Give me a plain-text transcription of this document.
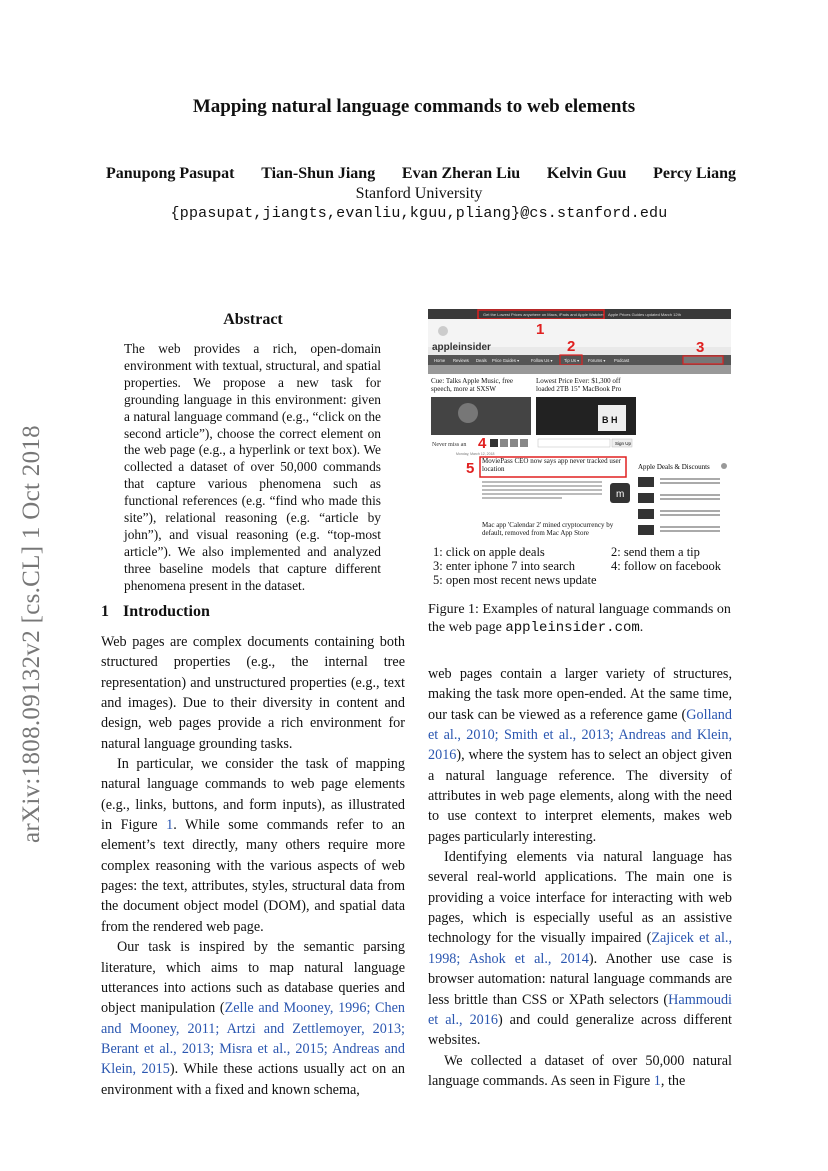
Mapping natural language commands to web elements
Panupong Pasupat Tian-Shun Jiang Evan Zheran Liu Kelvin Guu Percy Liang
Stanford University
{ppasupat,jiangts,evanliu,kguu,pliang}@cs.stanford.edu
arXiv:1808.09132v2 [cs.CL] 1 Oct 2018
Abstract
The web provides a rich, open-domain environment with textual, structural, and spatial properties. We propose a new task for grounding language in this environment: given a natural language command (e.g., “click on the second article”), choose the correct element on the web page (e.g., a hyperlink or text box). We collected a dataset of over 50,000 commands that capture various phenomena such as functional references (e.g. “find who made this site”), relational reasoning (e.g. “article by john”), and visual reasoning (e.g. “top-most article”). We also implemented and analyzed three baseline models that capture different phenomena present in the dataset.
1 Introduction

Web pages are complex documents containing both structured properties (e.g., the internal tree representation) and unstructured properties (e.g., text and images). Due to their diversity in content and design, web pages provide a rich environment for natural language grounding tasks.

In particular, we consider the task of mapping natural language commands to web page elements (e.g., links, buttons, and form inputs), as illustrated in Figure 1. While some commands refer to an element’s text directly, many others require more complex reasoning with the various aspects of web pages: the text, attributes, styles, structural data from the document object model (DOM), and spatial data from the rendered web page.

Our task is inspired by the semantic parsing literature, which aims to map natural language utterances into actions such as database queries and object manipulation (Zelle and Mooney, 1996; Chen and Mooney, 2011; Artzi and Zettlemoyer, 2013; Berant et al., 2013; Misra et al., 2015; Andreas and Klein, 2015). While these actions usually act on an environment with a fixed and known schema,

Get the Lowest Prices anywhere on Macs, iPads and Apple Watches Apple Prices Guides updated March 12th
appleinsider
Home Reviews Deals Price Guides ▾	Follow Us ▾	Tip Us ▾ Forums ▾ Podcast
Cue: Talks Apple Music, free speech, more at SXSW
Lowest Price Ever: $1,300 off loaded 2TB 15" MacBook Pro
B H
Never miss an	Sign Up
Monday, March 12, 2018
MoviePass CEO now says app never tracked user location
m
Apple Deals & Discounts
Mac app 'Calendar 2' mined cryptocurrency by default, removed from Mac App Store
1
2	3
4
5
1: click on apple deals	2: send them a tip
3: enter iphone 7 into search	4: follow on facebook
5: open most recent news update
Figure 1: Examples of natural language commands on the web page appleinsider.com.

web pages contain a larger variety of structures, making the task more open-ended. At the same time, our task can be viewed as a reference game (Golland et al., 2010; Smith et al., 2013; Andreas and Klein, 2016), where the system has to select an object given a natural language reference. The diversity of attributes in web page elements, along with the need to use context to interpret elements, makes web pages particularly interesting.

Identifying elements via natural language has several real-world applications. The main one is providing a voice interface for interacting with web pages, which is especially useful as an assistive technology for the visually impaired (Zajicek et al., 1998; Ashok et al., 2014). Another use case is browser automation: natural language commands are less brittle than CSS or XPath selectors (Hammoudi et al., 2016) and could generalize across different websites.

We collected a dataset of over 50,000 natural language commands. As seen in Figure 1, the
